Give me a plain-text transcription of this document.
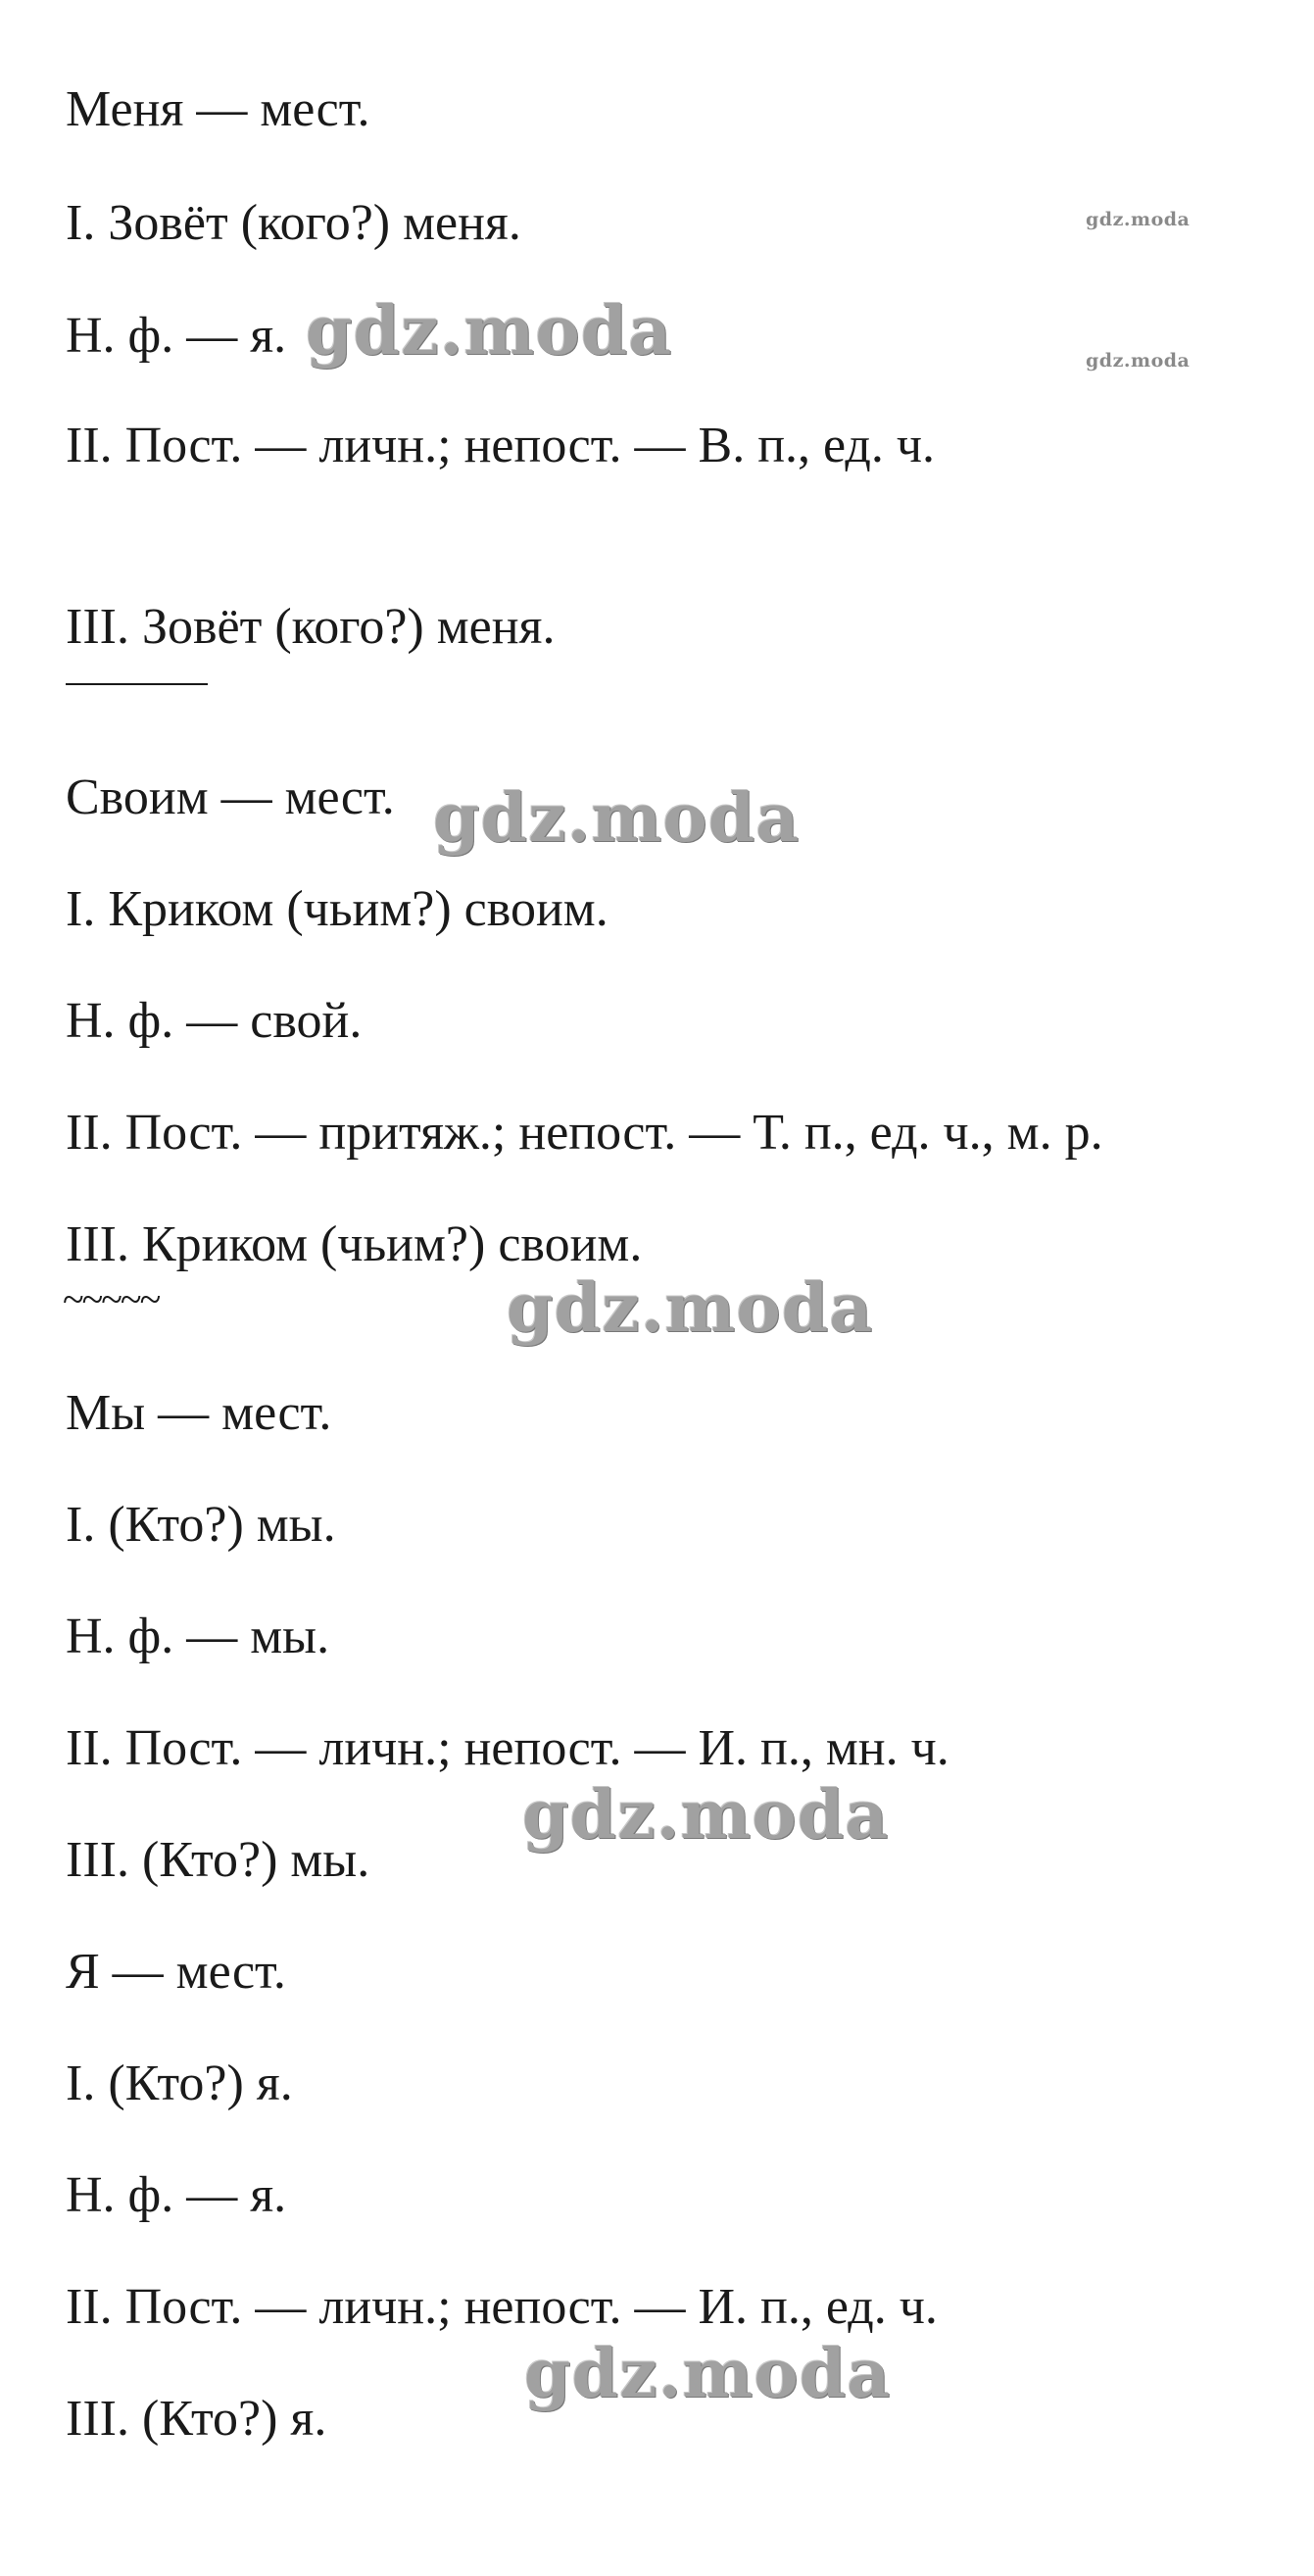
Меня — мест.
I. Зовёт (кого?) меня.
Н. ф. — я.
II. Пост. — личн.; непост. — В. п., ед. ч.
III. Зовёт (кого?) меня.
Своим — мест.
I. Криком (чьим?) своим.
Н. ф. — свой.
II. Пост. — притяж.; непост. — Т. п., ед. ч., м. р.
III. Криком (чьим?) своим.
~~~~~
Мы — мест.
I. (Кто?) мы.
Н. ф. — мы.
II. Пост. — личн.; непост. — И. п., мн. ч.
III. (Кто?) мы.
Я — мест.
I. (Кто?) я.
Н. ф. — я.
II. Пост. — личн.; непост. — И. п., ед. ч.
III. (Кто?) я.
gdz.moda
gdz.moda
gdz.moda
gdz.moda
gdz.moda
gdz.moda
gdz.moda
